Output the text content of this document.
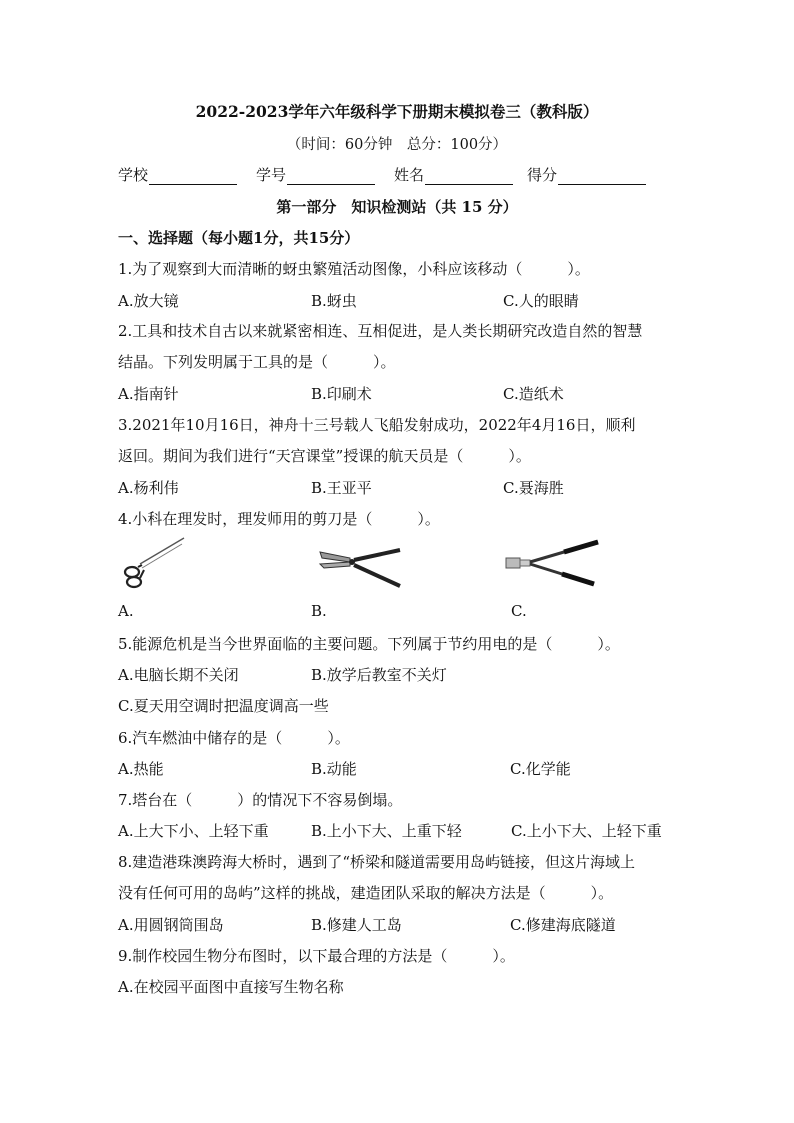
2022-2023学年六年级科学下册期末模拟卷三（教科版）
（时间：60分钟　总分：100分）
学校	学号	姓名	得分
第一部分　知识检测站（共 15 分）
一、选择题（每小题1分，共15分）
1.为了观察到大而清晰的蚜虫繁殖活动图像，小科应该移动（　　　）。
A.放大镜	B.蚜虫	C.人的眼睛
2.工具和技术自古以来就紧密相连、互相促进，是人类长期研究改造自然的智慧
结晶。下列发明属于工具的是（　　　）。
A.指南针	B.印刷术	C.造纸术
3.2021年10月16日，神舟十三号载人飞船发射成功，2022年4月16日，顺利
返回。期间为我们进行“天宫课堂”授课的航天员是（　　　）。
A.杨利伟	B.王亚平	C.聂海胜
4.小科在理发时，理发师用的剪刀是（　　　）。
A.	B.	C.
5.能源危机是当今世界面临的主要问题。下列属于节约用电的是（　　　）。
A.电脑长期不关闭	B.放学后教室不关灯
C.夏天用空调时把温度调高一些
6.汽车燃油中储存的是（　　　）。
A.热能	B.动能	C.化学能
7.塔台在（　　　）的情况下不容易倒塌。
A.上大下小、上轻下重	B.上小下大、上重下轻	C.上小下大、上轻下重
8.建造港珠澳跨海大桥时，遇到了“桥梁和隧道需要用岛屿链接，但这片海域上
没有任何可用的岛屿”这样的挑战，建造团队采取的解决方法是（　　　）。
A.用圆钢筒围岛	B.修建人工岛	C.修建海底隧道
9.制作校园生物分布图时，以下最合理的方法是（　　　）。
A.在校园平面图中直接写生物名称
